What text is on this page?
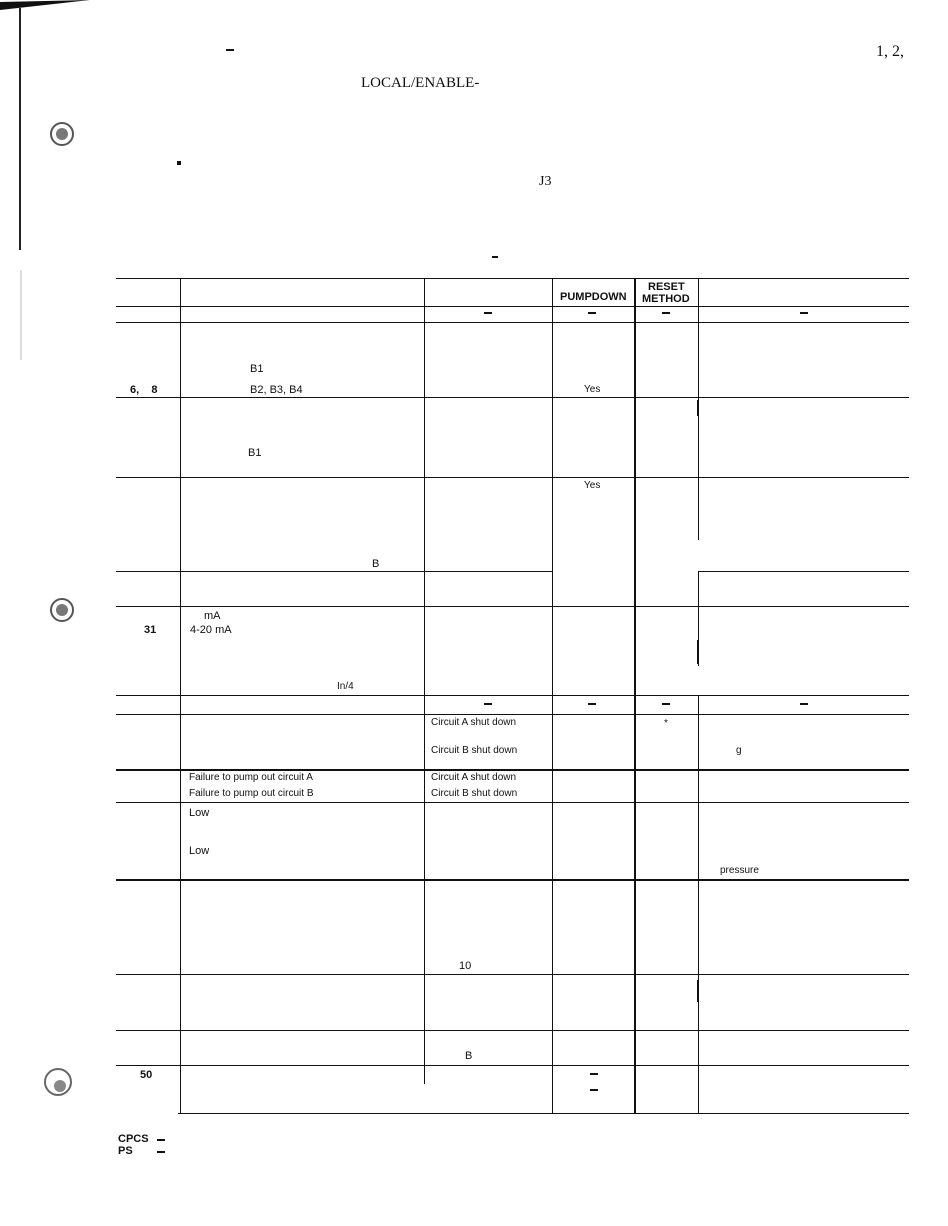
1, 2,
LOCAL/ENABLE-
J3
PUMPDOWN
RESET
METHOD
B1
B2, B3, B4
6,    8	Yes
B1
Yes
B
mA
31	4-20 mA
In/4
Circuit A shut down
Circuit B shut down
*
g
Failure to pump out circuit A
Failure to pump out circuit B
Circuit A shut down
Circuit B shut down
Low
Low
pressure
10
B
50
CPCS
PS
